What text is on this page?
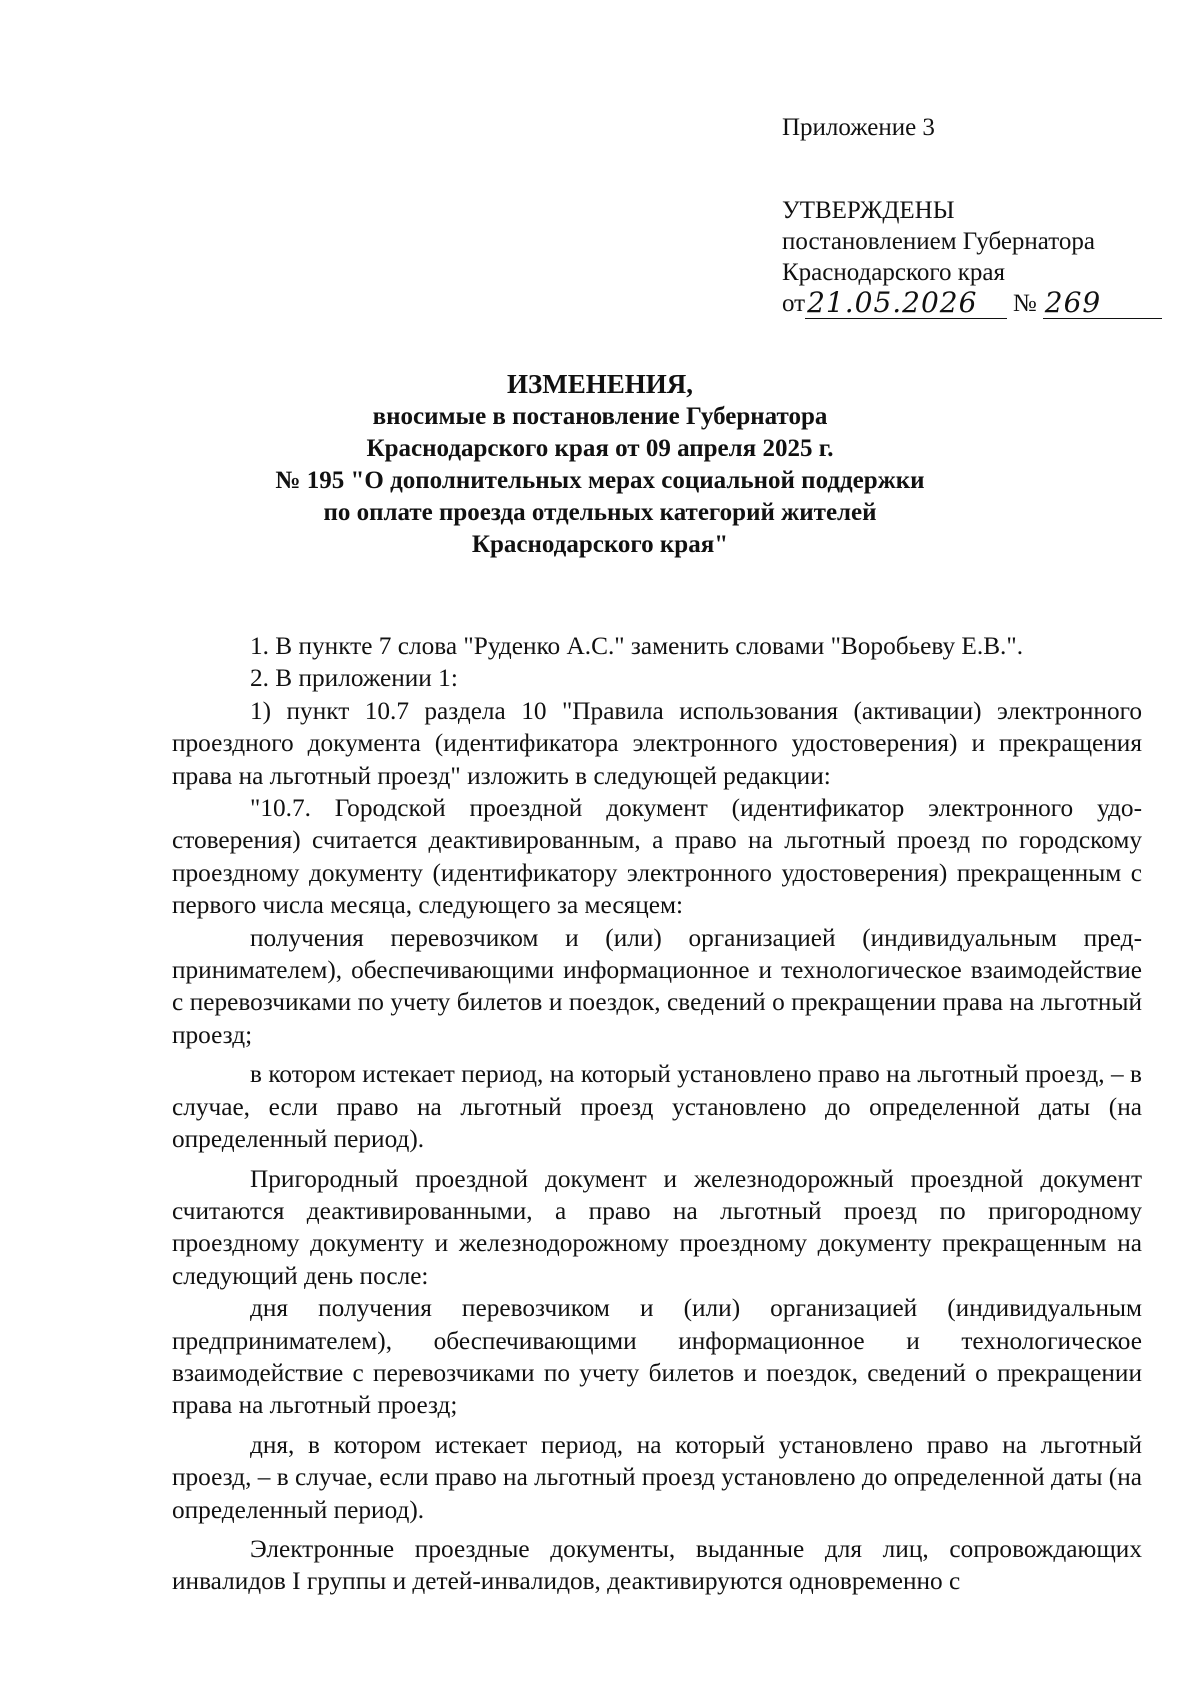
Приложение 3
УТВЕРЖДЕНЫ
постановлением Губернатора
Краснодарского края
от 21.05.2026	№ 269
ИЗМЕНЕНИЯ,
вносимые в постановление Губернатора
Краснодарского края от 09 апреля 2025 г.
№ 195 "О дополнительных мерах социальной поддержки
по оплате проезда отдельных категорий жителей
Краснодарского края"

1. В пункте 7 слова "Руденко А.С." заменить словами "Воробьеву Е.В.".

2. В приложении 1:

1) пункт 10.7 раздела 10 "Правила использования (активации) электронного проездного документа (идентификатора электронного удостоверения) и прекращения права на льготный проезд" изложить в следующей редакции:

"10.7. Городской проездной документ (идентификатор электронного удостоверения) считается деактивированным, а право на льготный проезд по городскому проездному документу (идентификатору электронного удостоверения) прекращенным с первого числа месяца, следующего за месяцем:

получения перевозчиком и (или) организацией (индивидуальным предпринимателем), обеспечивающими информационное и технологическое взаимодействие с перевозчиками по учету билетов и поездок, сведений о прекращении права на льготный проезд;

в котором истекает период, на который установлено право на льготный проезд, – в случае, если право на льготный проезд установлено до определенной даты (на определенный период).

Пригородный проездной документ и железнодорожный проездной документ считаются деактивированными, а право на льготный проезд по пригородному проездному документу и железнодорожному проездному документу прекращенным на следующий день после:

дня получения перевозчиком и (или) организацией (индивидуальным предпринимателем), обеспечивающими информационное и технологическое взаимодействие с перевозчиками по учету билетов и поездок, сведений о прекращении права на льготный проезд;

дня, в котором истекает период, на который установлено право на льготный проезд, – в случае, если право на льготный проезд установлено до определенной даты (на определенный период).

Электронные проездные документы, выданные для лиц, сопровождающих инвалидов I группы и детей-инвалидов, деактивируются одновременно с
